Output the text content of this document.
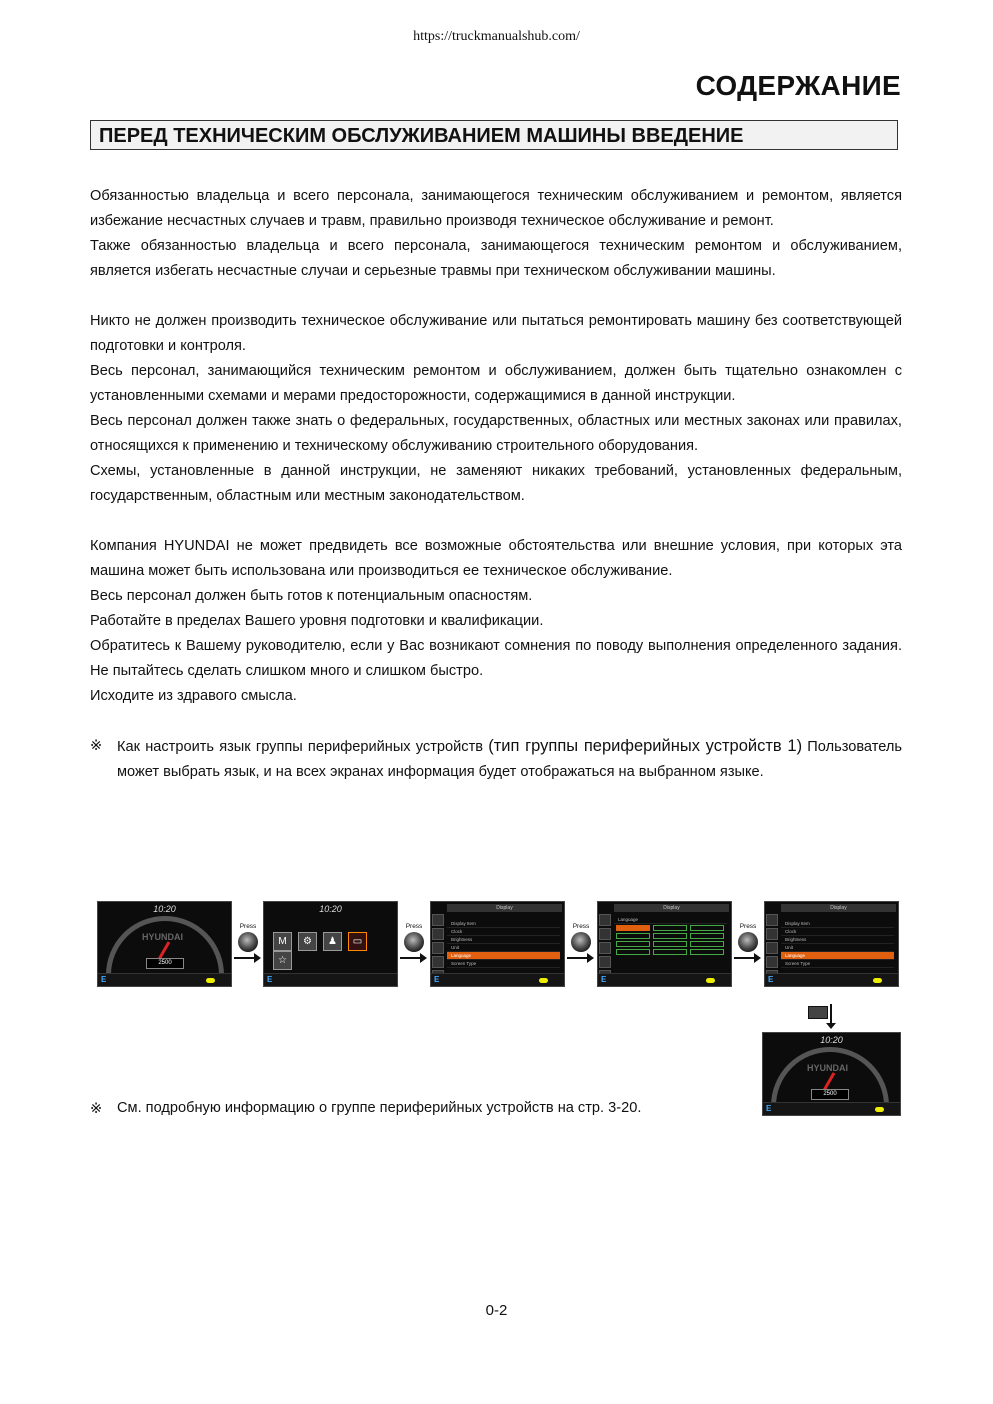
https://truckmanualshub.com/
СОДЕРЖАНИЕ
ПЕРЕД ТЕХНИЧЕСКИМ ОБСЛУЖИВАНИЕМ МАШИНЫ ВВЕДЕНИЕ

Обязанностью владельца и всего персонала, занимающегося техническим обслуживанием и ремонтом, является избежание несчастных случаев и травм, правильно производя техническое обслуживание и ремонт.

Также обязанностью владельца и всего персонала, занимающегося техническим ремонтом и обслуживанием, является избегать несчастные случаи и серьезные травмы при техническом обслуживании машины.

Никто не должен производить техническое обслуживание или пытаться ремонтировать машину без соответствующей подготовки и контроля.

Весь персонал, занимающийся техническим ремонтом и обслуживанием, должен быть тщательно ознакомлен с установленными схемами и мерами предосторожности, содержащимися в данной инструкции.

Весь персонал должен также знать о федеральных, государственных, областных или местных законах или правилах, относящихся к применению и техническому обслуживанию строительного оборудования.

Схемы, установленные в данной инструкции, не заменяют никаких требований, установленных федеральным, государственным, областным или местным законодательством.

Компания HYUNDAI не может предвидеть все возможные обстоятельства или внешние условия, при которых эта машина может быть использована или производиться ее техническое обслуживание.

Весь персонал должен быть готов к потенциальным опасностям.

Работайте в пределах Вашего уровня подготовки и квалификации.

Обратитесь к Вашему руководителю, если у Вас возникают сомнения по поводу выполнения определенного задания. Не пытайтесь сделать слишком много и слишком быстро.

Исходите из здравого смысла.

※	Как настроить язык группы периферийных устройств (тип группы периферийных устройств 1) Пользователь может выбрать язык, и на всех экранах информация будет отображаться на выбранном языке.
10:20
HYUNDAI
2500
E
Press
10:20
M	⚙	♟	▭
☆
E
Press
Display
Display Item
Clock
Brightness
Unit
Language
Screen Type
E
Press
Display
Language
E
Press
Display
Display Item
Clock
Brightness
Unit
Language
Screen Type
E
10:20
HYUNDAI
2500
E
※	См. подробную информацию о группе периферийных устройств на стр. 3-20.
0-2
